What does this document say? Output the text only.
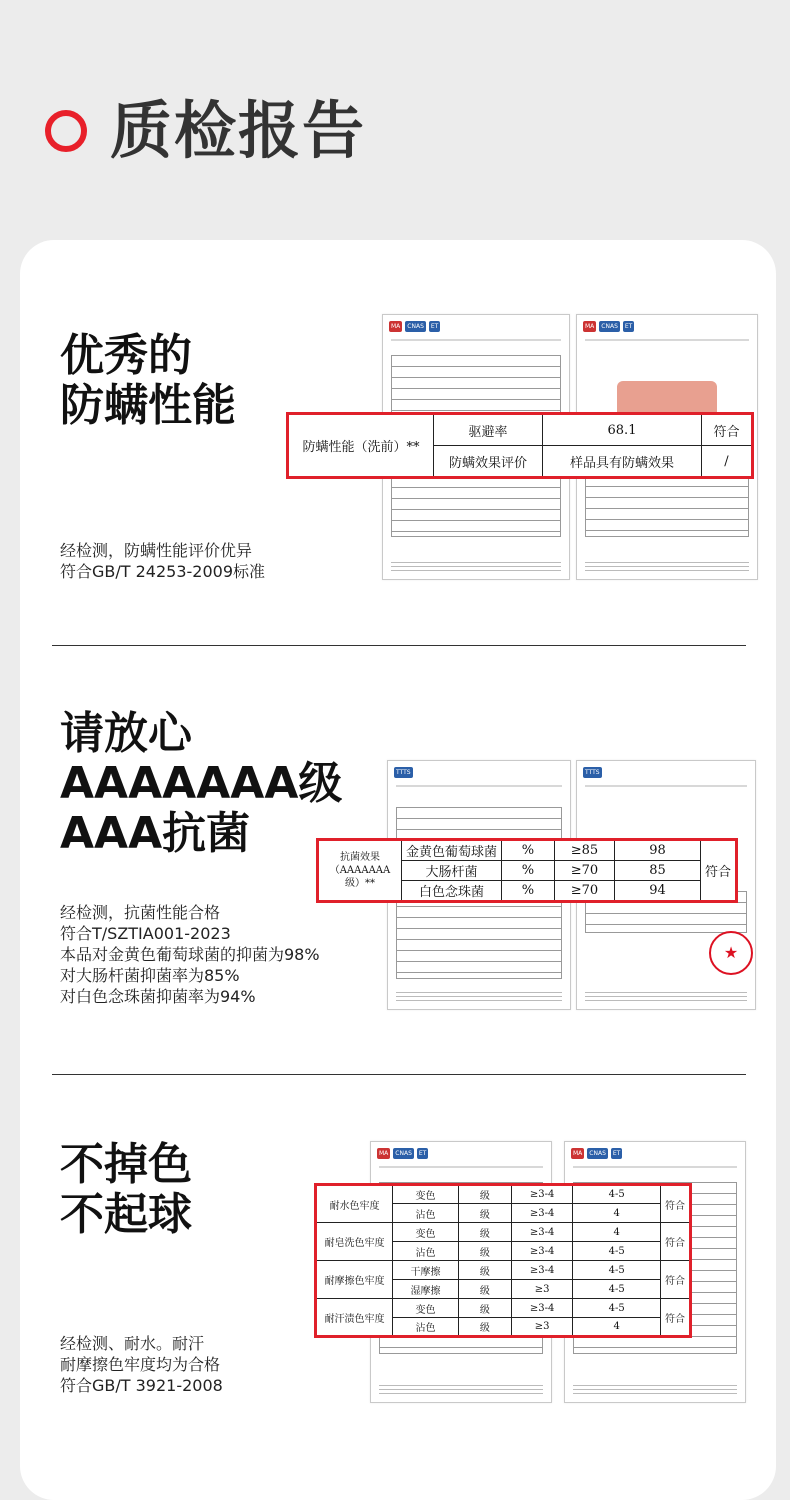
质检报告
优秀的
防螨性能
经检测，防螨性能评价优异
符合GB/T 24253-2009标准
MA	CNAS	ET	MA	CNAS	ET
防螨性能（洗前）**	驱避率	68.1	符合
	防螨效果评价	样品具有防螨效果	/
请放心
AAAAAAA级
AAA抗菌
经检测，抗菌性能合格
符合T/SZTIA001-2023
本品对金黄色葡萄球菌的抑菌为98%
对大肠杆菌抑菌率为85%
对白色念珠菌抑菌率为94%
TTTS	TTTS
★
抗菌效果
（AAAAAAA级）**	金黄色葡萄球菌	%	≥85	98	符合
	大肠杆菌	%	≥70	85	
	白色念珠菌	%	≥70	94	
不掉色
不起球
经检测、耐水。耐汗
耐摩擦色牢度均为合格
符合GB/T 3921-2008
MA	CNAS	ET	MA	CNAS	ET
耐水色牢度	变色	级	≥3-4	4-5	符合
	沾色	级	≥3-4	4	
耐皂洗色牢度	变色	级	≥3-4	4	符合
	沾色	级	≥3-4	4-5	
耐摩擦色牢度	干摩擦	级	≥3-4	4-5	符合
	湿摩擦	级	≥3	4-5	
耐汗渍色牢度	变色	级	≥3-4	4-5	符合
	沾色	级	≥3	4	
